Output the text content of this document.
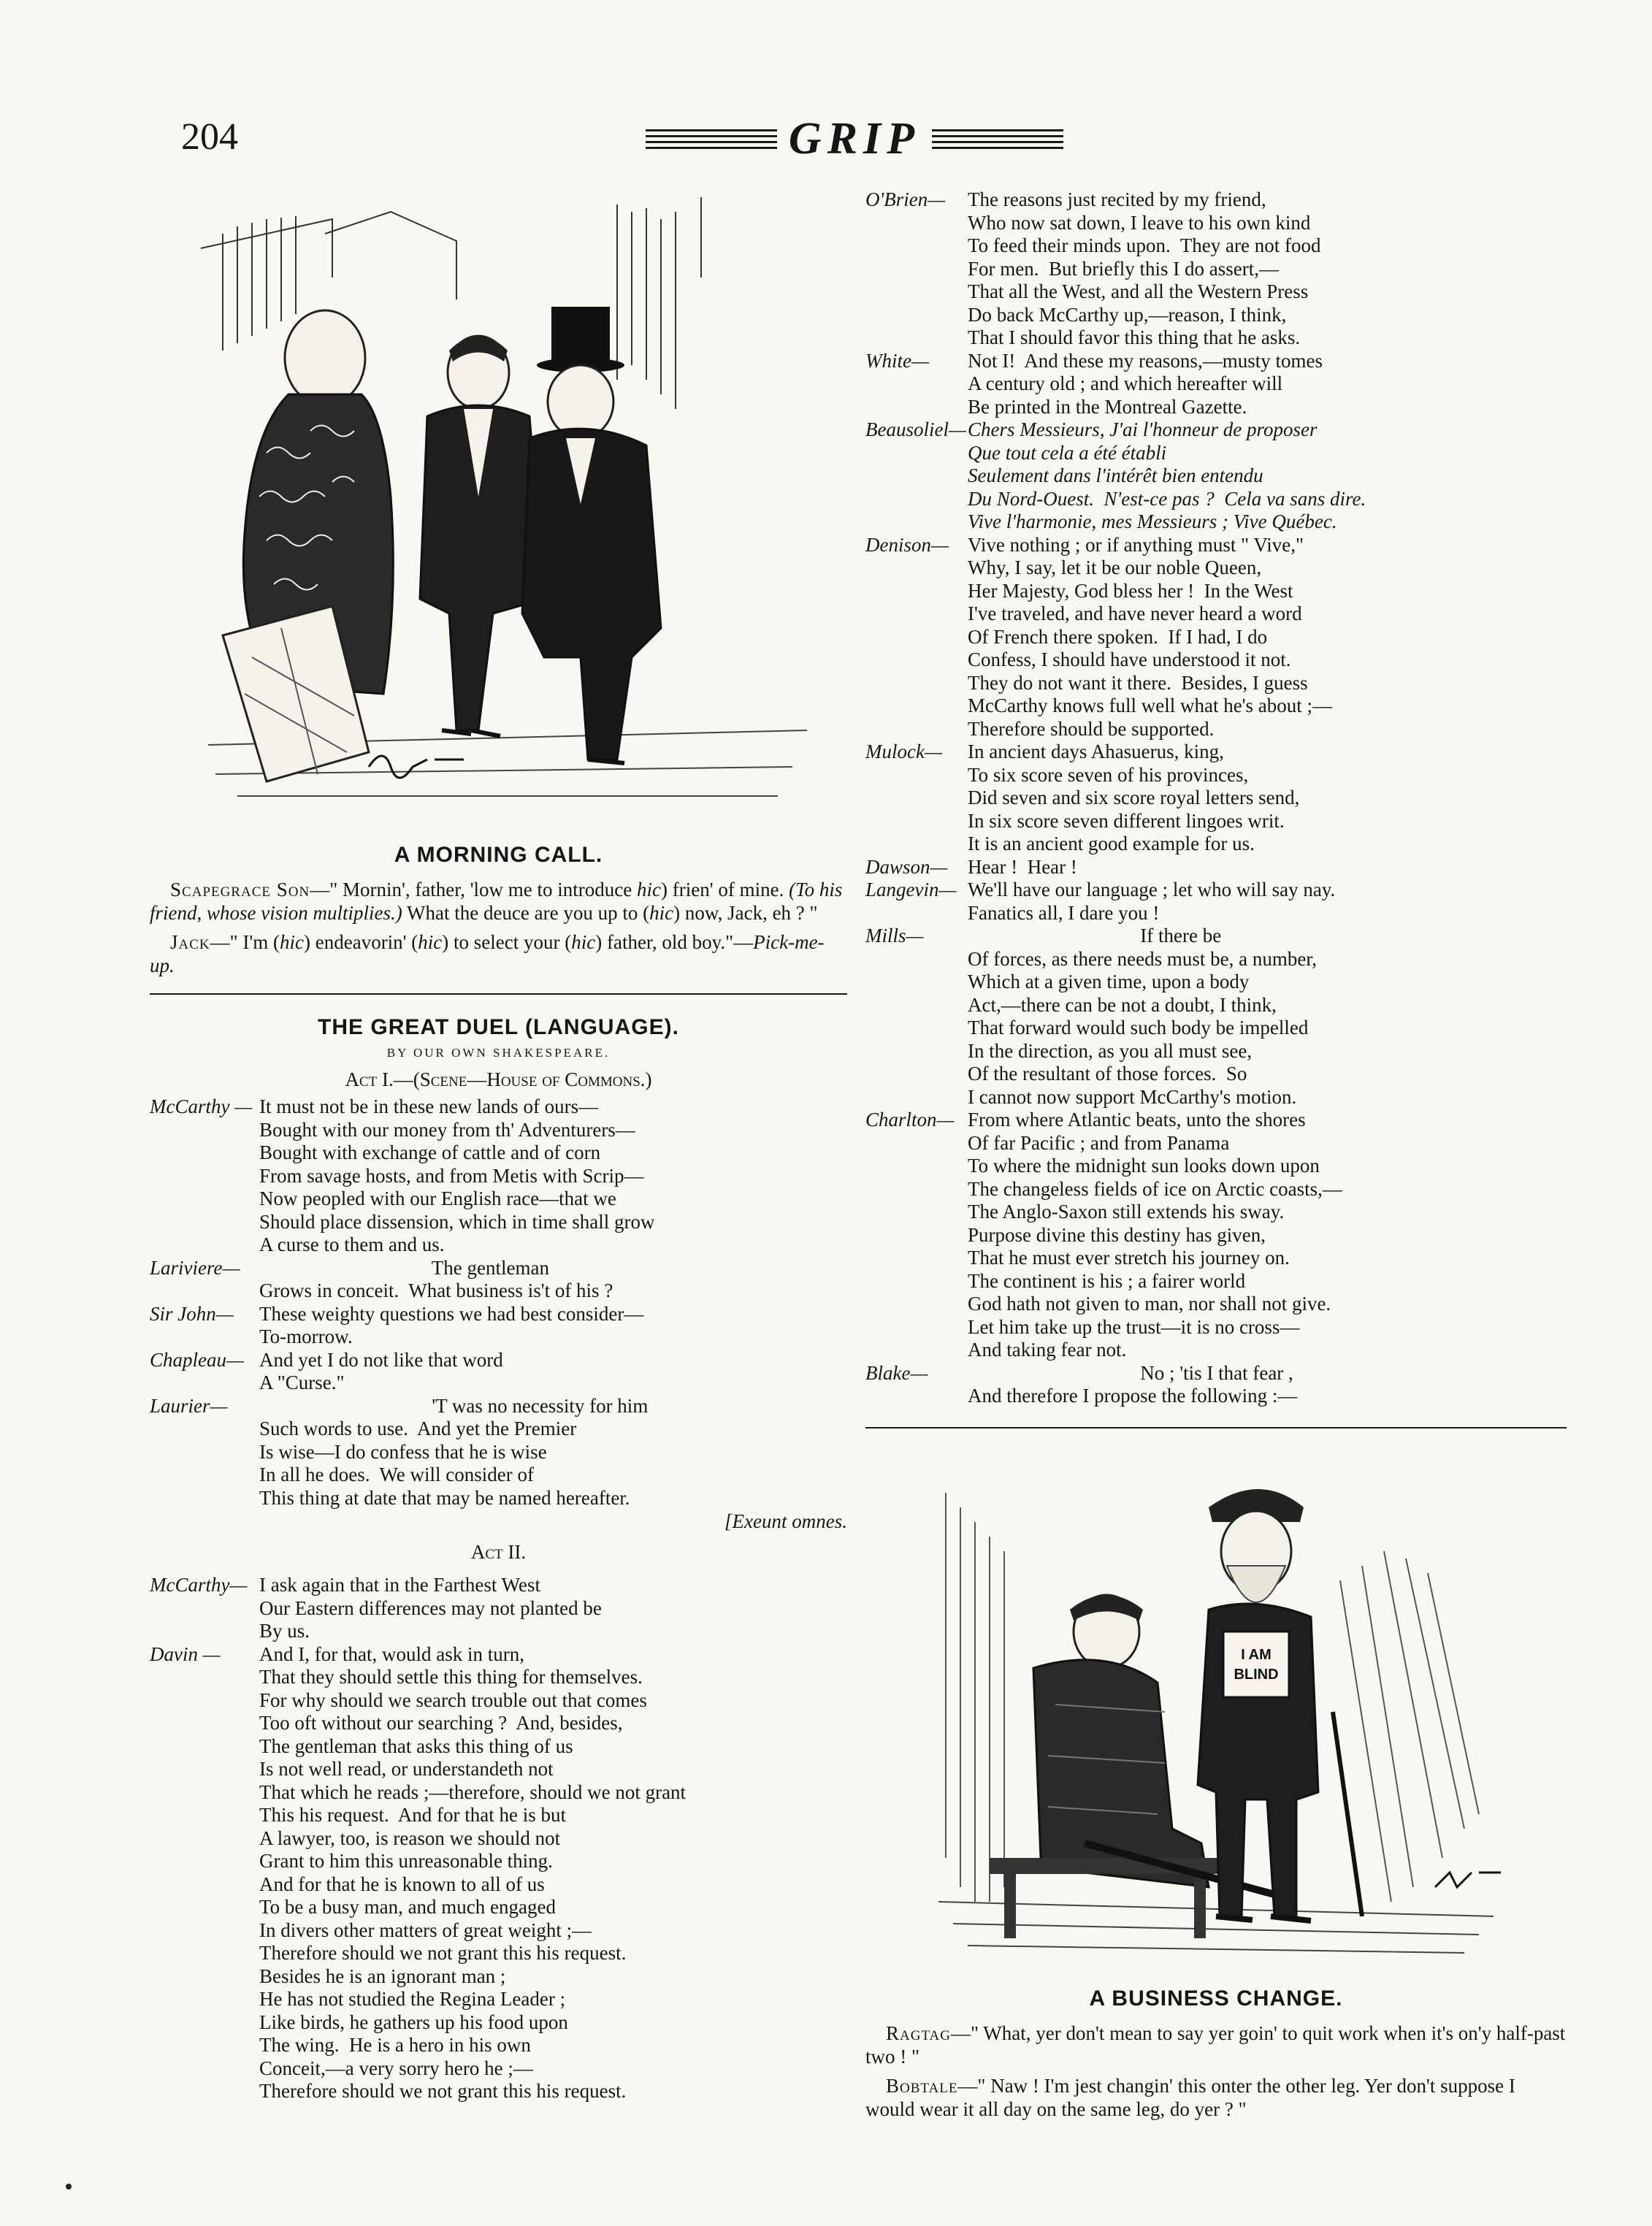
204	GRIP
A MORNING CALL.

Scapegrace Son—" Mornin', father, 'low me to introduce hic) frien' of mine. (To his friend, whose vision multiplies.) What the deuce are you up to (hic) now, Jack, eh ? "

Jack—" I'm (hic) endeavorin' (hic) to select your (hic) father, old boy."—Pick-me-up.

THE GREAT DUEL (LANGUAGE).
BY OUR OWN SHAKESPEARE.
Act I.—(Scene—House of Commons.)
McCarthy — It must not be in these new lands of ours—
Bought with our money from th' Adventurers—
Bought with exchange of cattle and of corn
From savage hosts, and from Metis with Scrip—
Now peopled with our English race—that we
Should place dissension, which in time shall grow
A curse to them and us.
Lariviere— The gentleman
Grows in conceit.  What business is't of his ?
Sir John—	These weighty questions we had best consider—
To-morrow.
Chapleau— And yet I do not like that word
A "Curse."
Laurier—	'T was no necessity for him
Such words to use.  And yet the Premier
Is wise—I do confess that he is wise
In all he does.  We will consider of
This thing at date that may be named hereafter.
[Exeunt omnes.
Act II.
McCarthy— I ask again that in the Farthest West
Our Eastern differences may not planted be
By us.
Davin —	And I, for that, would ask in turn,
That they should settle this thing for themselves.
For why should we search trouble out that comes
Too oft without our searching ?  And, besides,
The gentleman that asks this thing of us
Is not well read, or understandeth not
That which he reads ;—therefore, should we not grant
This his request.  And for that he is but
A lawyer, too, is reason we should not
Grant to him this unreasonable thing.
And for that he is known to all of us
To be a busy man, and much engaged
In divers other matters of great weight ;—
Therefore should we not grant this his request.
Besides he is an ignorant man ;
He has not studied the Regina Leader ;
Like birds, he gathers up his food upon
The wing.  He is a hero in his own
Conceit,—a very sorry hero he ;—
Therefore should we not grant this his request.
O'Brien—	The reasons just recited by my friend,
Who now sat down, I leave to his own kind
To feed their minds upon.  They are not food
For men.  But briefly this I do assert,—
That all the West, and all the Western Press
Do back McCarthy up,—reason, I think,
That I should favor this thing that he asks.
White—	Not I!  And these my reasons,—musty tomes
A century old ; and which hereafter will
Be printed in the Montreal Gazette.
Beausoliel— Chers Messieurs, J'ai l'honneur de proposer
Que tout cela a été établi
Seulement dans l'intérêt bien entendu
Du Nord-Ouest.  N'est-ce pas ?  Cela va sans dire.
Vive l'harmonie, mes Messieurs ; Vive Québec.
Denison— Vive nothing ; or if anything must " Vive,"
Why, I say, let it be our noble Queen,
Her Majesty, God bless her !  In the West
I've traveled, and have never heard a word
Of French there spoken.  If I had, I do
Confess, I should have understood it not.
They do not want it there.  Besides, I guess
McCarthy knows full well what he's about ;—
Therefore should be supported.
Mulock—	In ancient days Ahasuerus, king,
To six score seven of his provinces,
Did seven and six score royal letters send,
In six score seven different lingoes writ.
It is an ancient good example for us.
Dawson—	Hear !  Hear !
Langevin— We'll have our language ; let who will say nay.
Fanatics all, I dare you !
Mills—	If there be
Of forces, as there needs must be, a number,
Which at a given time, upon a body
Act,—there can be not a doubt, I think,
That forward would such body be impelled
In the direction, as you all must see,
Of the resultant of those forces.  So
I cannot now support McCarthy's motion.
Charlton— From where Atlantic beats, unto the shores
Of far Pacific ; and from Panama
To where the midnight sun looks down upon
The changeless fields of ice on Arctic coasts,—
The Anglo-Saxon still extends his sway.
Purpose divine this destiny has given,
That he must ever stretch his journey on.
The continent is his ; a fairer world
God hath not given to man, nor shall not give.
Let him take up the trust—it is no cross—
And taking fear not.
Blake—	No ; 'tis I that fear ,
And therefore I propose the following :—
I AM
BLIND
A BUSINESS CHANGE.

Ragtag—" What, yer don't mean to say yer goin' to quit work when it's on'y half-past two ! "

Bobtale—" Naw ! I'm jest changin' this onter the other leg. Yer don't suppose I would wear it all day on the same leg, do yer ? "
